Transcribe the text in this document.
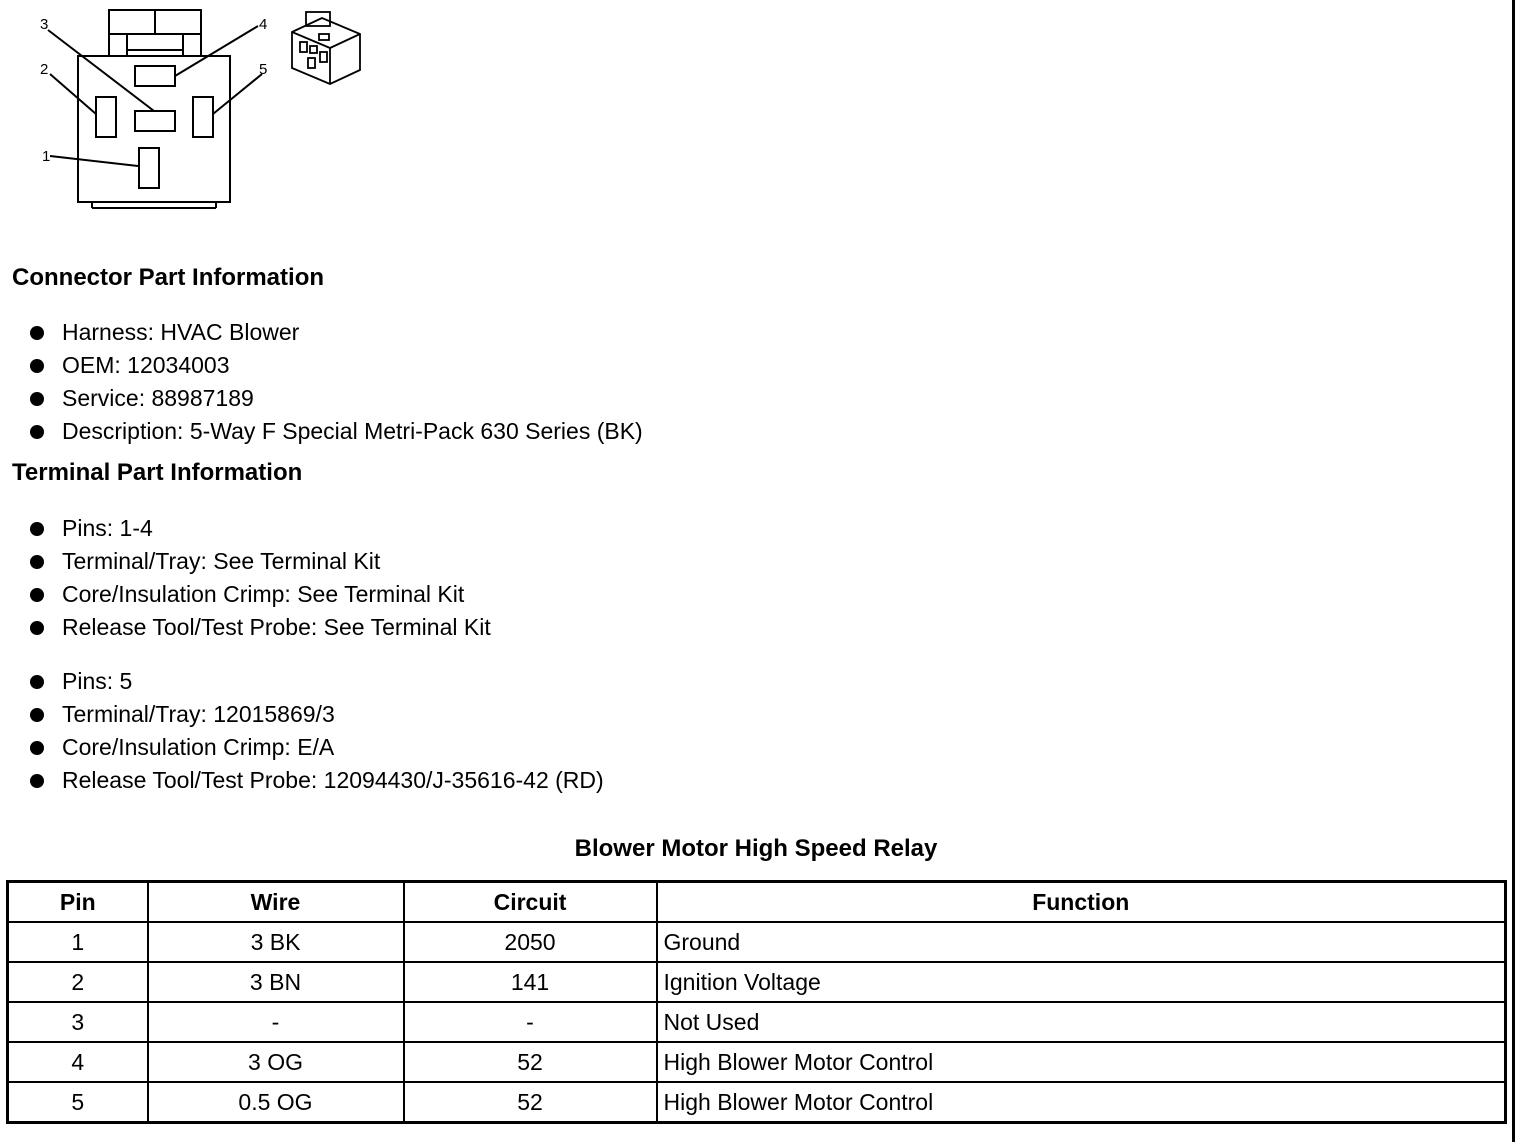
1
2
3	4
5
Connector Part Information
Harness: HVAC Blower
OEM: 12034003
Service: 88987189
Description: 5-Way F Special Metri-Pack 630 Series (BK)
Terminal Part Information
Pins: 1-4
Terminal/Tray: See Terminal Kit
Core/Insulation Crimp: See Terminal Kit
Release Tool/Test Probe: See Terminal Kit
Pins: 5
Terminal/Tray: 12015869/3
Core/Insulation Crimp: E/A
Release Tool/Test Probe: 12094430/J-35616-42 (RD)
Blower Motor High Speed Relay
Pin	Wire	Circuit	Function
1	3 BK	2050	Ground
2	3 BN	141	Ignition Voltage
3	-	-	Not Used
4	3 OG	52	High Blower Motor Control
5	0.5 OG	52	High Blower Motor Control
